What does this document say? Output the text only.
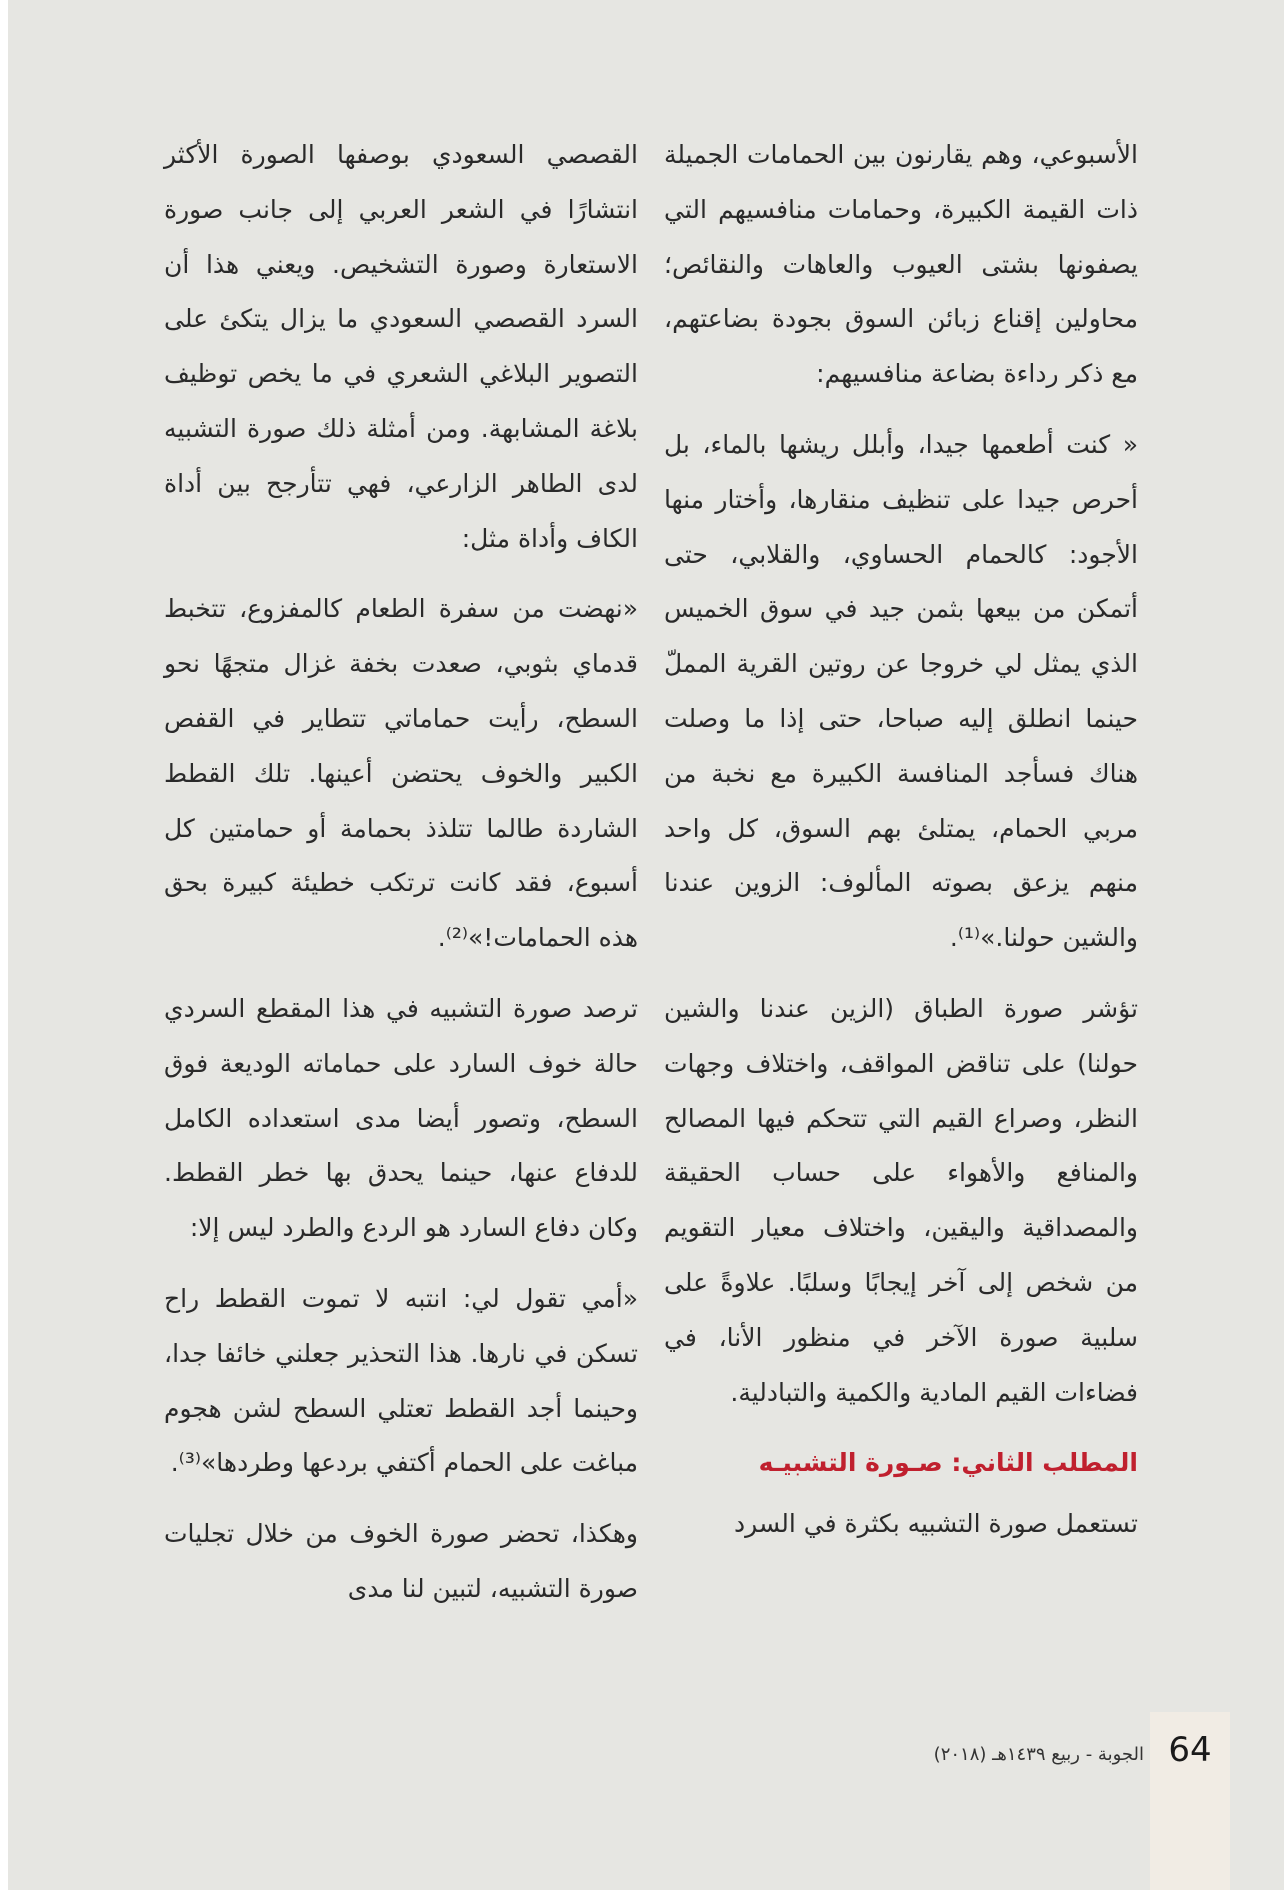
الأسبوعي، وهم يقارنون بين الحمامات الجميلة ذات القيمة الكبيرة، وحمامات منافسيهم التي يصفونها بشتى العيوب والعاهات والنقائص؛ محاولين إقناع زبائن السوق بجودة بضاعتهم، مع ذكر رداءة بضاعة منافسيهم:

« كنت أطعمها جيدا، وأبلل ريشها بالماء، بل أحرص جيدا على تنظيف منقارها، وأختار منها الأجود: كالحمام الحساوي، والقلابي، حتى أتمكن من بيعها بثمن جيد في سوق الخميس الذي يمثل لي خروجا عن روتين القرية المملّ حينما انطلق إليه صباحا، حتى إذا ما وصلت هناك فسأجد المنافسة الكبيرة مع نخبة من مربي الحمام، يمتلئ بهم السوق، كل واحد منهم يزعق بصوته المألوف: الزوين عندنا والشين حولنا.»⁽¹⁾.

تؤشر صورة الطباق (الزين عندنا والشين حولنا) على تناقض المواقف، واختلاف وجهات النظر، وصراع القيم التي تتحكم فيها المصالح والمنافع والأهواء على حساب الحقيقة والمصداقية واليقين، واختلاف معيار التقويم من شخص إلى آخر إيجابًا وسلبًا. علاوةً على سلبية صورة الآخر في منظور الأنا، في فضاءات القيم المادية والكمية والتبادلية.

المطلب الثاني: صـورة التشبيـه

تستعمل صورة التشبيه بكثرة في السرد

القصصي السعودي بوصفها الصورة الأكثر انتشارًا في الشعر العربي إلى جانب صورة الاستعارة وصورة التشخيص. ويعني هذا أن السرد القصصي السعودي ما يزال يتكئ على التصوير البلاغي الشعري في ما يخص توظيف بلاغة المشابهة. ومن أمثلة ذلك صورة التشبيه لدى الطاهر الزارعي، فهي تتأرجح بين أداة الكاف وأداة مثل:

«نهضت من سفرة الطعام كالمفزوع، تتخبط قدماي بثوبي، صعدت بخفة غزال متجهًا نحو السطح، رأيت حماماتي تتطاير في القفص الكبير والخوف يحتضن أعينها. تلك القطط الشاردة طالما تتلذذ بحمامة أو حمامتين كل أسبوع، فقد كانت ترتكب خطيئة كبيرة بحق هذه الحمامات!»⁽²⁾.

ترصد صورة التشبيه في هذا المقطع السردي حالة خوف السارد على حماماته الوديعة فوق السطح، وتصور أيضا مدى استعداده الكامل للدفاع عنها، حينما يحدق بها خطر القطط. وكان دفاع السارد هو الردع والطرد ليس إلا:

«أمي تقول لي: انتبه لا تموت القطط راح تسكن في نارها. هذا التحذير جعلني خائفا جدا، وحينما أجد القطط تعتلي السطح لشن هجوم مباغت على الحمام أكتفي بردعها وطردها»⁽³⁾.

وهكذا، تحضر صورة الخوف من خلال تجليات صورة التشبيه، لتبين لنا مدى

الجوبة - ربيع ١٤٣٩هـ (٢٠١٨) 64
